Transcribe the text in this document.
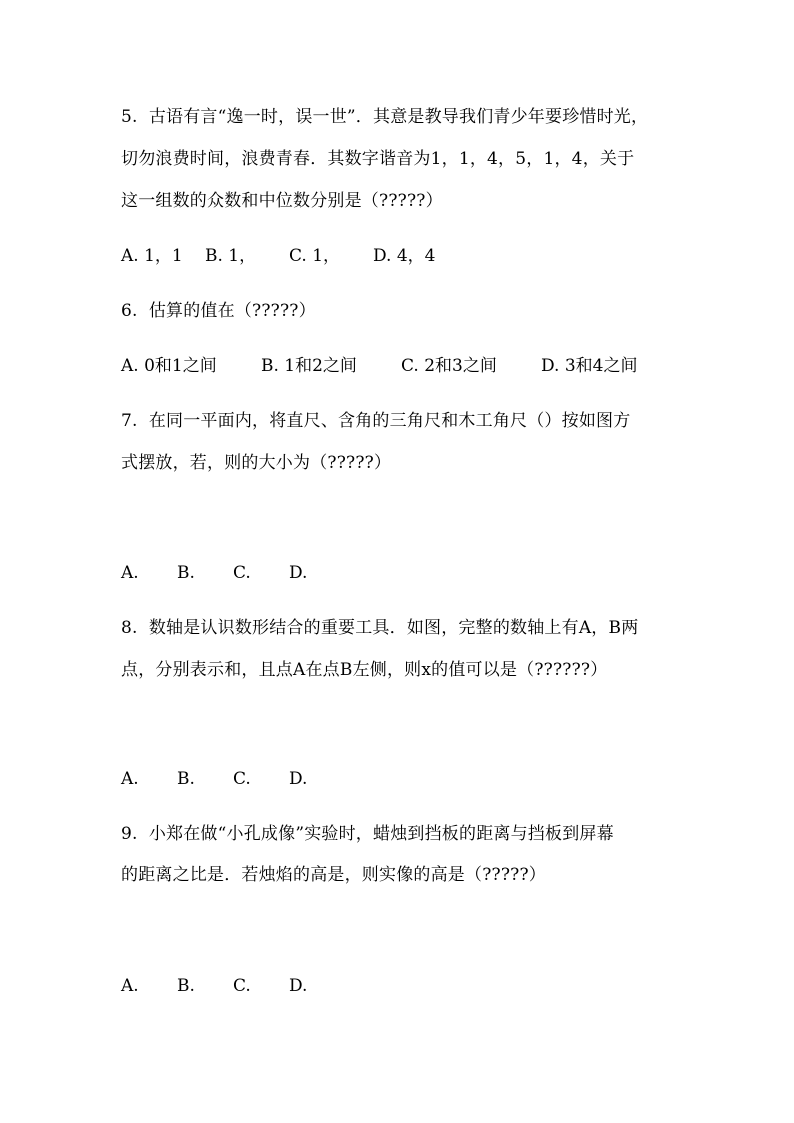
5.  古语有言“逸一时，误一世”．其意是教导我们青少年要珍惜时光，
切勿浪费时间，浪费青春．其数字谐音为1，1，4，5，1，4，关于
这一组数的众数和中位数分别是（?????）

A. 1，1

B. 1，

C. 1，

D. 4，4

6.  估算的值在（?????）

A. 0和1之间

	B. 1和2之间

	C. 2和3之间

	D. 3和4之间

7.  在同一平面内，将直尺、含角的三角尺和木工角尺（）按如图方
式摆放，若，则的大小为（?????）

A.

B.

C.

D.

8.  数轴是认识数形结合的重要工具．如图，完整的数轴上有A，B两
点，分别表示和，且点A在点B左侧，则x的值可以是（??????）

A.

B.

C.

D.

9.  小郑在做“小孔成像”实验时，蜡烛到挡板的距离与挡板到屏幕
的距离之比是．若烛焰的高是，则实像的高是（?????）

A.

B.

C.

D.
